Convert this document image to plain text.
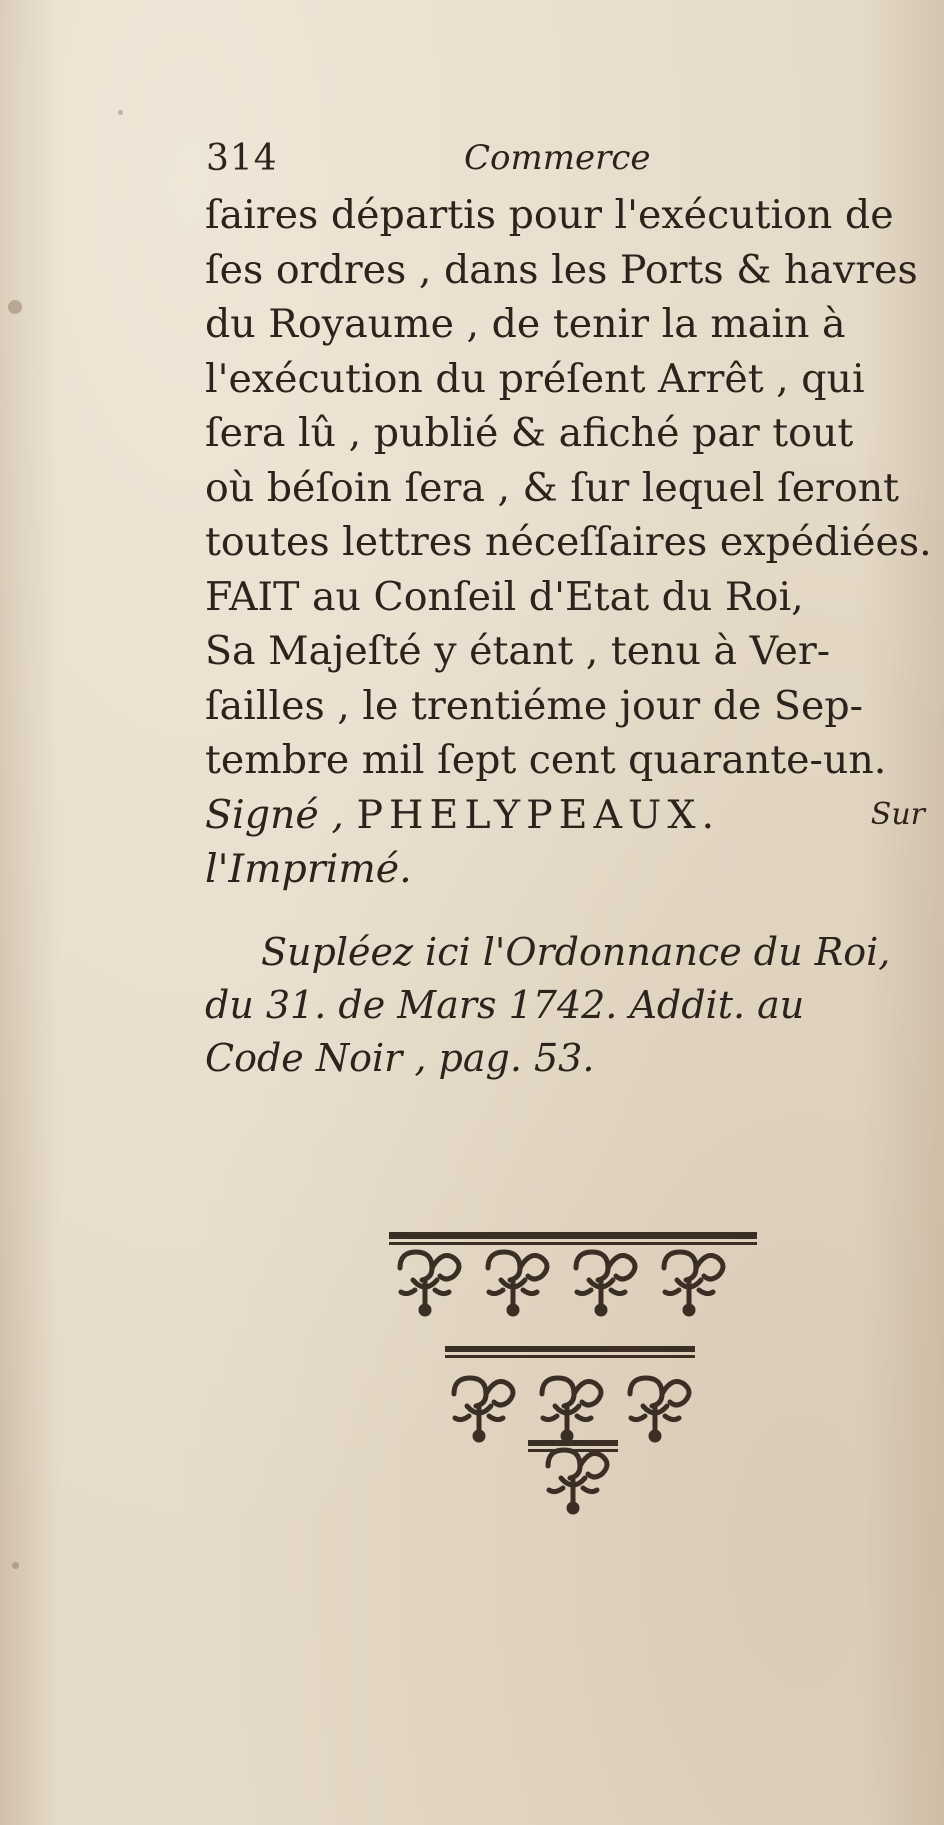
314	Commerce
ſaires départis pour l'exécution de
ſes ordres , dans les Ports & havres
du Royaume , de tenir la main à
l'exécution du préſent Arrêt , qui
ſera lû , publié & afiché par tout
où béſoin ſera , & ſur lequel ſeront
toutes lettres néceſſaires expédiées.
FAIT au Conſeil d'Etat du Roi,
Sa Majeſté y étant , tenu à Ver-
ſailles , le trentiéme jour de Sep-
tembre mil ſept cent quarante-un.
Signé , PHELYPEAUX.	Sur
l'Imprimé.
Supléez ici l'Ordonnance du Roi,
du 31. de Mars 1742. Addit. au
Code Noir , pag. 53.
